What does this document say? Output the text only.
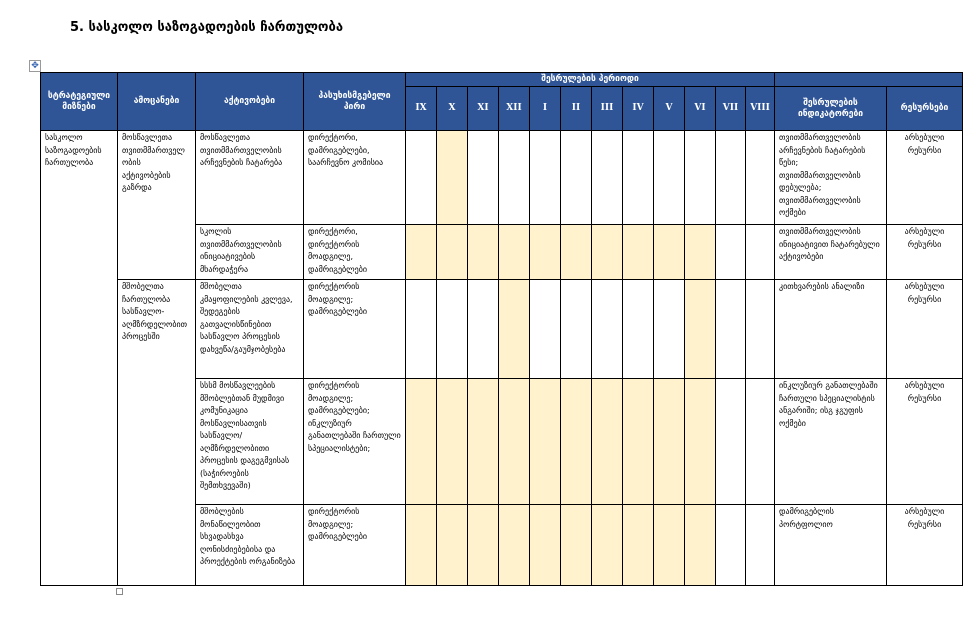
5. სასკოლო საზოგადოების ჩართულობა
✥
სტრატეგიული მიზნები	ამოცანები	აქტივობები	პასუხისმგებელი პირი	შესრულების პერიოდი													
				IX	X	XI	XII	I	II	III	IV	V	VI	VII	VIII	შესრულების ინდიკატორები	რესურსები
სასკოლო საზოგადოების ჩართულობა	მოსწავლეთა თვითმმართველობის აქტივობების გაზრდა	მოსწავლეთა თვითმმართველობის არჩევნების ჩატარება	დირექტორი, დამრიგებლები, საარჩევნო კომისია													თვითმმართველობის არჩევნების ჩატარების წესი; თვითმმართველობის დებულება; თვითმმართველობის ოქმები	არსებული რესურსი
		სკოლის თვითმმართველობის ინიციატივების მხარდაჭერა	დირექტორი, დირექტორის მოადგილე, დამრიგებლები													თვითმმართველობის ინიციატივით ჩატარებული აქტივობები	არსებული რესურსი
	მშობელთა ჩართულობა სასწავლო-აღმზრდელობით პროცესში	მშობელთა კმაყოფილების კვლევა, შედეგების გათვალისწინებით სასწავლო პროცესის დახვეწა/გაუმჯობესება	დირექტორის მოადგილე; დამრიგებლები													კითხვარების ანალიზი	არსებული რესურსი
		სსსმ მოსწავლეების მშობლებთან მუდმივი კომუნიკაცია მოსწავლისათვის სასწავლო/აღმზრდელობითი პროცესის დაგეგმვისას (საჭიროების შემთხვევაში)	დირექტორის მოადგილე; დამრიგებლები; ინკლუზიურ განათლებაში ჩართული სპეციალისტები;													ინკლუზიურ განათლებაში ჩართული სპეციალისტის ანგარიში; ისგ ჯგუფის ოქმები	არსებული რესურსი
		მშობლების მონაწილეობით სხვადასხვა ღონისძიებებისა და პროექტების ორგანიზება	დირექტორის მოადგილე; დამრიგებლები													დამრიგებლის პორტფოლიო	არსებული რესურსი
